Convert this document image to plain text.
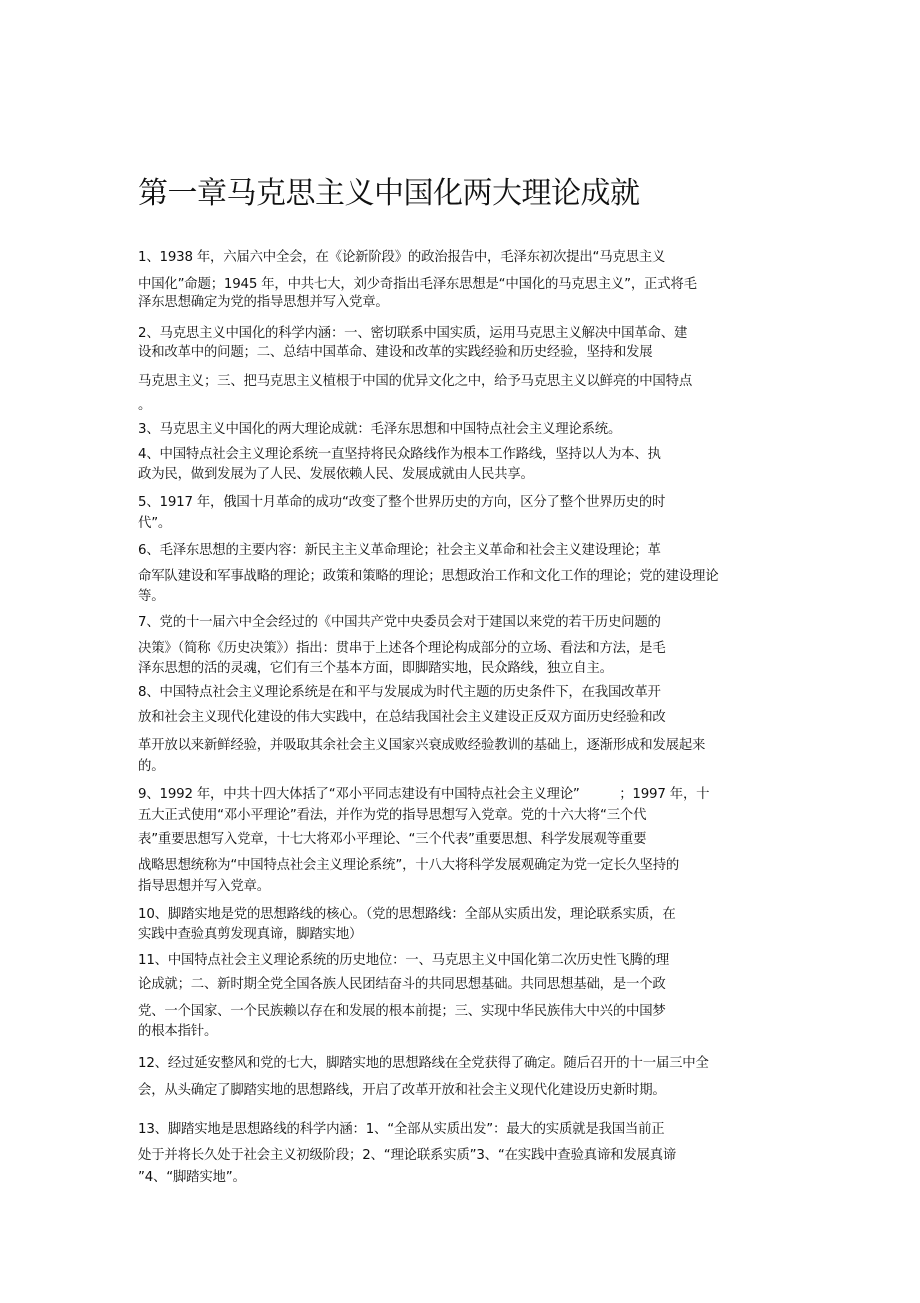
第一章马克思主义中国化两大理论成就
1、1938 年，六届六中全会，在《论新阶段》的政治报告中，毛泽东初次提出“马克思主义
中国化”命题；1945 年，中共七大，刘少奇指出毛泽东思想是“中国化的马克思主义”，正式将毛
泽东思想确定为党的指导思想并写入党章。
2、马克思主义中国化的科学内涵：一、密切联系中国实质，运用马克思主义解决中国革命、建
设和改革中的问题；二、总结中国革命、建设和改革的实践经验和历史经验，坚持和发展
马克思主义；三、把马克思主义植根于中国的优异文化之中，给予马克思主义以鲜亮的中国特点
。
3、马克思主义中国化的两大理论成就：毛泽东思想和中国特点社会主义理论系统。
4、中国特点社会主义理论系统一直坚持将民众路线作为根本工作路线，坚持以人为本、执
政为民，做到发展为了人民、发展依赖人民、发展成就由人民共享。
5、1917 年，俄国十月革命的成功“改变了整个世界历史的方向，区分了整个世界历史的时
代”。
6、毛泽东思想的主要内容：新民主主义革命理论；社会主义革命和社会主义建设理论；革
命军队建设和军事战略的理论；政策和策略的理论；思想政治工作和文化工作的理论；党的建设理论
等。
7、党的十一届六中全会经过的《中国共产党中央委员会对于建国以来党的若干历史问题的
决策》（简称《历史决策》）指出：贯串于上述各个理论构成部分的立场、看法和方法，是毛
泽东思想的活的灵魂，它们有三个基本方面，即脚踏实地，民众路线，独立自主。
8、中国特点社会主义理论系统是在和平与发展成为时代主题的历史条件下，在我国改革开
放和社会主义现代化建设的伟大实践中，在总结我国社会主义建设正反双方面历史经验和改
革开放以来新鲜经验，并吸取其余社会主义国家兴衰成败经验教训的基础上，逐渐形成和发展起来
的。
9、1992 年，中共十四大体括了“邓小平同志建设有中国特点社会主义理论”　　　；1997 年，十
五大正式使用“邓小平理论”看法，并作为党的指导思想写入党章。党的十六大将“三个代
表”重要思想写入党章，十七大将邓小平理论、“三个代表”重要思想、科学发展观等重要
战略思想统称为“中国特点社会主义理论系统”，十八大将科学发展观确定为党一定长久坚持的
指导思想并写入党章。
10、脚踏实地是党的思想路线的核心。（党的思想路线：全部从实质出发，理论联系实质，在
实践中查验真剪发现真谛，脚踏实地）
11、中国特点社会主义理论系统的历史地位：一、马克思主义中国化第二次历史性飞腾的理
论成就；二、新时期全党全国各族人民团结奋斗的共同思想基础。共同思想基础，是一个政
党、一个国家、一个民族赖以存在和发展的根本前提；三、实现中华民族伟大中兴的中国梦
的根本指针。
12、经过延安整风和党的七大，脚踏实地的思想路线在全党获得了确定。随后召开的十一届三中全
会，从头确定了脚踏实地的思想路线，开启了改革开放和社会主义现代化建设历史新时期。
13、脚踏实地是思想路线的科学内涵：1、“全部从实质出发”：最大的实质就是我国当前正
处于并将长久处于社会主义初级阶段；2、“理论联系实质”3、“在实践中查验真谛和发展真谛
”4、“脚踏实地”。
